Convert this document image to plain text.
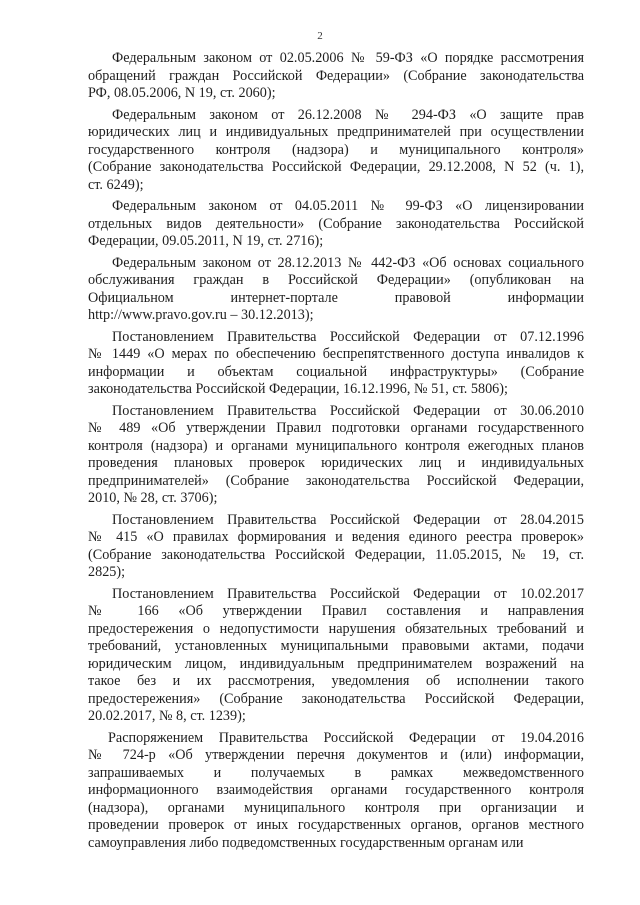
2
Федеральным законом от 02.05.2006 № 59-ФЗ «О порядке рассмотрения
обращений граждан Российской Федерации» (Собрание законодательства
РФ, 08.05.2006, N 19, ст. 2060);
Федеральным законом от 26.12.2008 № 294-ФЗ «О защите прав
юридических лиц и индивидуальных предпринимателей при осуществлении
государственного контроля (надзора) и муниципального контроля»
(Собрание законодательства Российской Федерации, 29.12.2008, N 52 (ч. 1),
ст. 6249);
Федеральным законом от 04.05.2011 № 99-ФЗ «О лицензировании
отдельных видов деятельности» (Собрание законодательства Российской
Федерации, 09.05.2011, N 19, ст. 2716);
Федеральным законом от 28.12.2013 № 442-ФЗ «Об основах социального
обслуживания граждан в Российской Федерации» (опубликован на
Официальном интернет-портале правовой информации
http://www.pravo.gov.ru – 30.12.2013);
Постановлением Правительства Российской Федерации от 07.12.1996
№ 1449 «О мерах по обеспечению беспрепятственного доступа инвалидов к
информации и объектам социальной инфраструктуры» (Собрание
законодательства Российской Федерации, 16.12.1996, № 51, ст. 5806);
Постановлением Правительства Российской Федерации от 30.06.2010
№ 489 «Об утверждении Правил подготовки органами государственного
контроля (надзора) и органами муниципального контроля ежегодных планов
проведения плановых проверок юридических лиц и индивидуальных
предпринимателей» (Собрание законодательства Российской Федерации,
2010, № 28, ст. 3706);
Постановлением Правительства Российской Федерации от 28.04.2015
№ 415 «О правилах формирования и ведения единого реестра проверок»
(Собрание законодательства Российской Федерации, 11.05.2015, № 19, ст.
2825);
Постановлением Правительства Российской Федерации от 10.02.2017
№ 166 «Об утверждении Правил составления и направления
предостережения о недопустимости нарушения обязательных требований и
требований, установленных муниципальными правовыми актами, подачи
юридическим лицом, индивидуальным предпринимателем возражений на
такое без и их рассмотрения, уведомления об исполнении такого
предостережения» (Собрание законодательства Российской Федерации,
20.02.2017, № 8, ст. 1239);
Распоряжением Правительства Российской Федерации от 19.04.2016
№ 724-р «Об утверждении перечня документов и (или) информации,
запрашиваемых и получаемых в рамках межведомственного
информационного взаимодействия органами государственного контроля
(надзора), органами муниципального контроля при организации и
проведении проверок от иных государственных органов, органов местного
самоуправления либо подведомственных государственным органам или
